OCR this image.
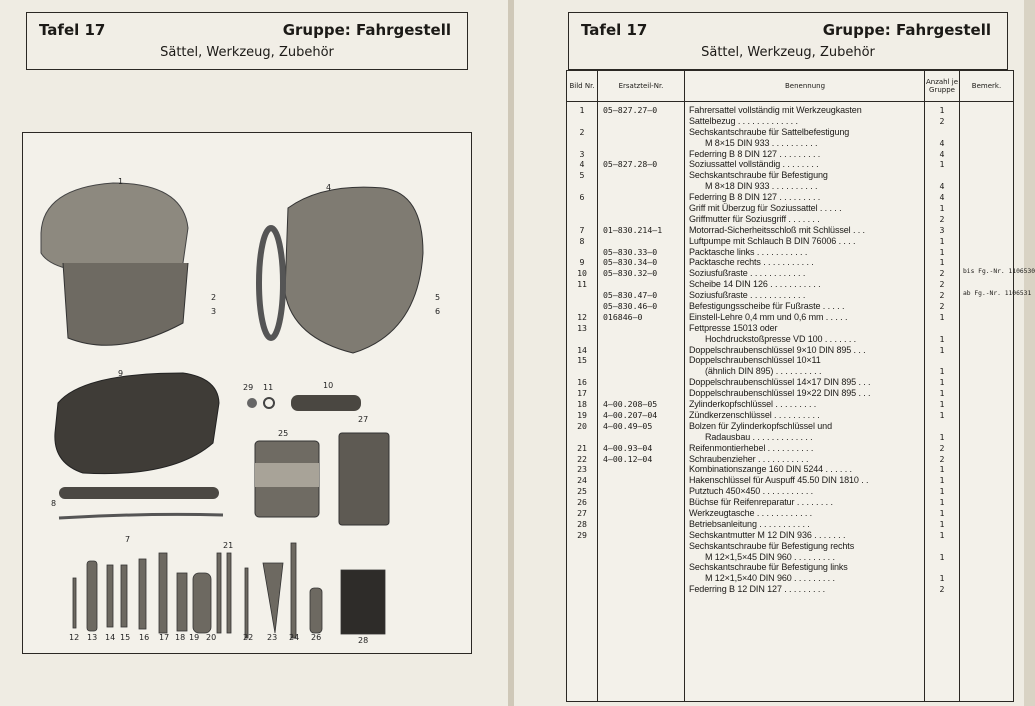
Tafel 17	Gruppe: Fahrgestell
Sättel, Werkzeug, Zubehör
1
2
3
4
5
6
7
8
9
10
11
12 13 14 15 16 17 18 19 20
21
22 23 24
25
26
27
28
29
Tafel 17	Gruppe: Fahrgestell
Sättel, Werkzeug, Zubehör
Bild Nr.	Ersatzteil-Nr.	Benennung	Anzahl je Gruppe	Bemerk.
1	05—827.27—0	Fahrersattel vollständig mit Werkzeugkasten	1
Sattelbezug . . . . . . . . . . . . .	2
2	Sechskantschraube für Sattelbefestigung
M 8×15 DIN 933 . . . . . . . . . .	4
3	Federring B 8 DIN 127 . . . . . . . . .	4
4	05—827.28—0	Soziussattel vollständig . . . . . . . .	1
5	Sechskantschraube für Befestigung
M 8×18 DIN 933 . . . . . . . . . .	4
6	Federring B 8 DIN 127 . . . . . . . . .	4
Griff mit Überzug für Soziussattel . . . . .	1
Griffmutter für Soziusgriff . . . . . . .	2
7	01—830.214—1	Motorrad-Sicherheitsschloß mit Schlüssel . . .	3
8	Luftpumpe mit Schlauch B DIN 76006 . . . .	1
05—830.33—0	Packtasche links . . . . . . . . . . .	1
9	05—830.34—0	Packtasche rechts . . . . . . . . . . .	1
10	05—830.32—0	Soziusfußraste . . . . . . . . . . . .	2	bis Fg.-Nr. 1106530
11	Scheibe 14 DIN 126 . . . . . . . . . . .	2
05—830.47—0	Soziusfußraste . . . . . . . . . . . .	2	ab Fg.-Nr. 1106531
05—830.46—0	Befestigungsscheibe für Fußraste . . . . .	2
12	016846—0	Einstell-Lehre 0,4 mm und 0,6 mm . . . . .	1
13	Fettpresse 15013 oder
Hochdruckstoßpresse VD 100 . . . . . . .	1
14	Doppelschraubenschlüssel 9×10 DIN 895 . . .	1
15	Doppelschraubenschlüssel 10×11
(ähnlich DIN 895) . . . . . . . . . .	1
16	Doppelschraubenschlüssel 14×17 DIN 895 . . .	1
17	Doppelschraubenschlüssel 19×22 DIN 895 . . .	1
18	4—00.208—05	Zylinderkopfschlüssel . . . . . . . . .	1
19	4—00.207—04	Zündkerzenschlüssel . . . . . . . . . .	1
20	4—00.49—05	Bolzen für Zylinderkopfschlüssel und
Radausbau . . . . . . . . . . . . .	1
21	4—00.93—04	Reifenmontierhebel . . . . . . . . . .	2
22	4—00.12—04	Schraubenzieher . . . . . . . . . . .	2
23	Kombinationszange 160 DIN 5244 . . . . . .	1
24	Hakenschlüssel für Auspuff 45.50 DIN 1810 . .	1
25	Putztuch 450×450 . . . . . . . . . . .	1
26	Büchse für Reifenreparatur . . . . . . . .	1
27	Werkzeugtasche . . . . . . . . . . . .	1
28	Betriebsanleitung . . . . . . . . . . .	1
29	Sechskantmutter M 12 DIN 936 . . . . . . .	1
Sechskantschraube für Befestigung rechts
M 12×1,5×45 DIN 960 . . . . . . . . .	1
Sechskantschraube für Befestigung links
M 12×1,5×40 DIN 960 . . . . . . . . .	1
Federring B 12 DIN 127 . . . . . . . . .	2
